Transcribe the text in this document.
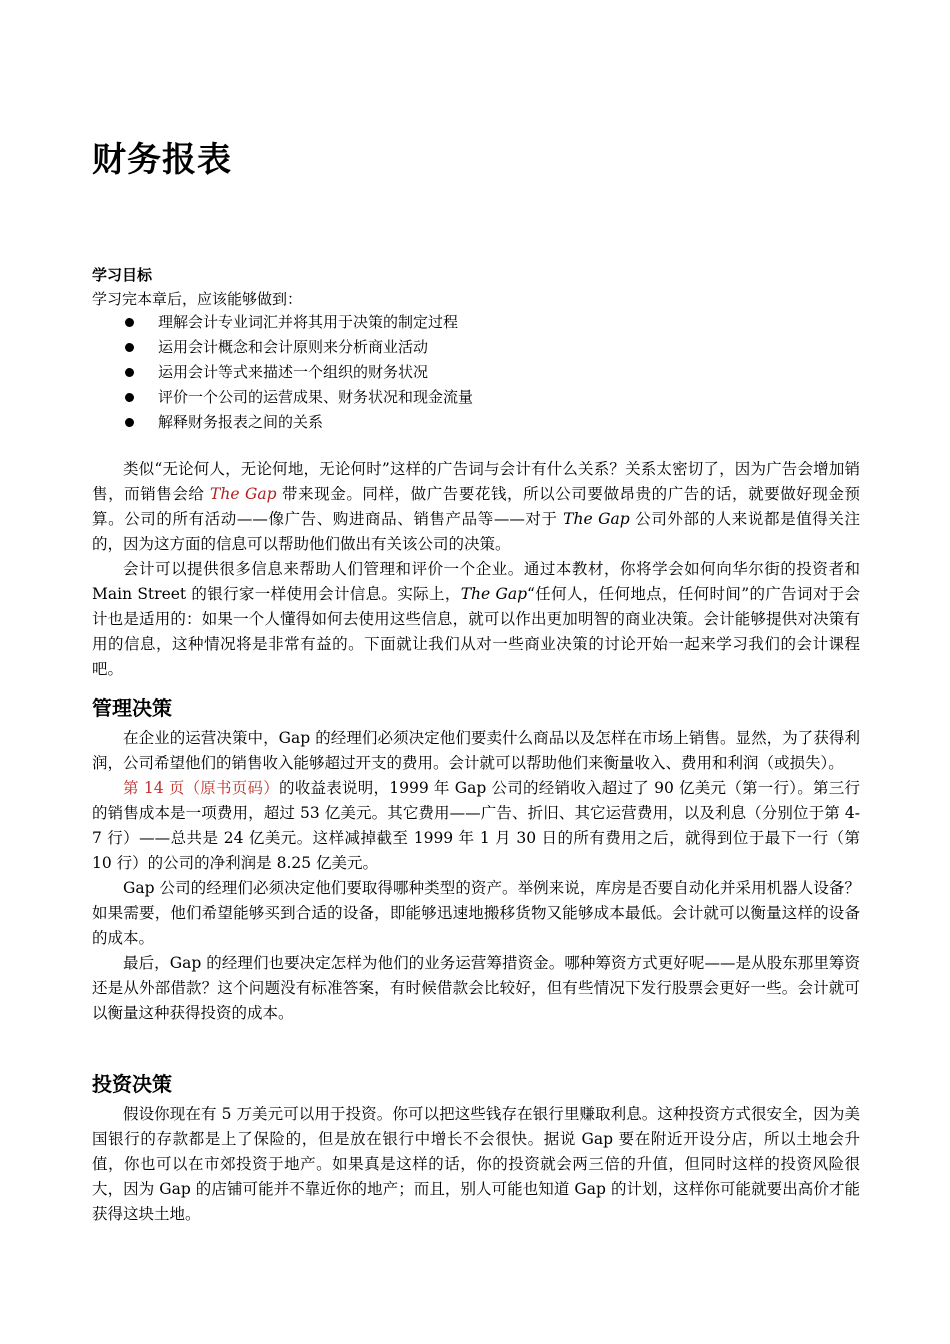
财务报表
学习目标
学习完本章后，应该能够做到：
理解会计专业词汇并将其用于决策的制定过程
运用会计概念和会计原则来分析商业活动
运用会计等式来描述一个组织的财务状况
评价一个公司的运营成果、财务状况和现金流量
解释财务报表之间的关系

类似“无论何人，无论何地，无论何时”这样的广告词与会计有什么关系？关系太密切了，因为广告会增加销售，而销售会给 The Gap 带来现金。同样，做广告要花钱，所以公司要做昂贵的广告的话，就要做好现金预算。公司的所有活动——像广告、购进商品、销售产品等——对于 The Gap 公司外部的人来说都是值得关注的，因为这方面的信息可以帮助他们做出有关该公司的决策。

会计可以提供很多信息来帮助人们管理和评价一个企业。通过本教材，你将学会如何向华尔街的投资者和 Main Street 的银行家一样使用会计信息。实际上，The Gap“任何人，任何地点，任何时间”的广告词对于会计也是适用的：如果一个人懂得如何去使用这些信息，就可以作出更加明智的商业决策。会计能够提供对决策有用的信息，这种情况将是非常有益的。下面就让我们从对一些商业决策的讨论开始一起来学习我们的会计课程吧。

管理决策

在企业的运营决策中，Gap 的经理们必须决定他们要卖什么商品以及怎样在市场上销售。显然，为了获得利润，公司希望他们的销售收入能够超过开支的费用。会计就可以帮助他们来衡量收入、费用和利润（或损失）。

第 14 页（原书页码）的收益表说明，1999 年 Gap 公司的经销收入超过了 90 亿美元（第一行）。第三行的销售成本是一项费用，超过 53 亿美元。其它费用——广告、折旧、其它运营费用，以及利息（分别位于第 4-7 行）——总共是 24 亿美元。这样减掉截至 1999 年 1 月 30 日的所有费用之后，就得到位于最下一行（第 10 行）的公司的净利润是 8.25 亿美元。

Gap 公司的经理们必须决定他们要取得哪种类型的资产。举例来说，库房是否要自动化并采用机器人设备？如果需要，他们希望能够买到合适的设备，即能够迅速地搬移货物又能够成本最低。会计就可以衡量这样的设备的成本。

最后，Gap 的经理们也要决定怎样为他们的业务运营筹措资金。哪种筹资方式更好呢——是从股东那里筹资还是从外部借款？这个问题没有标准答案，有时候借款会比较好，但有些情况下发行股票会更好一些。会计就可以衡量这种获得投资的成本。

投资决策

假设你现在有 5 万美元可以用于投资。你可以把这些钱存在银行里赚取利息。这种投资方式很安全，因为美国银行的存款都是上了保险的，但是放在银行中增长不会很快。据说 Gap 要在附近开设分店，所以土地会升值，你也可以在市郊投资于地产。如果真是这样的话，你的投资就会两三倍的升值，但同时这样的投资风险很大，因为 Gap 的店铺可能并不靠近你的地产；而且，别人可能也知道 Gap 的计划，这样你可能就要出高价才能获得这块土地。
